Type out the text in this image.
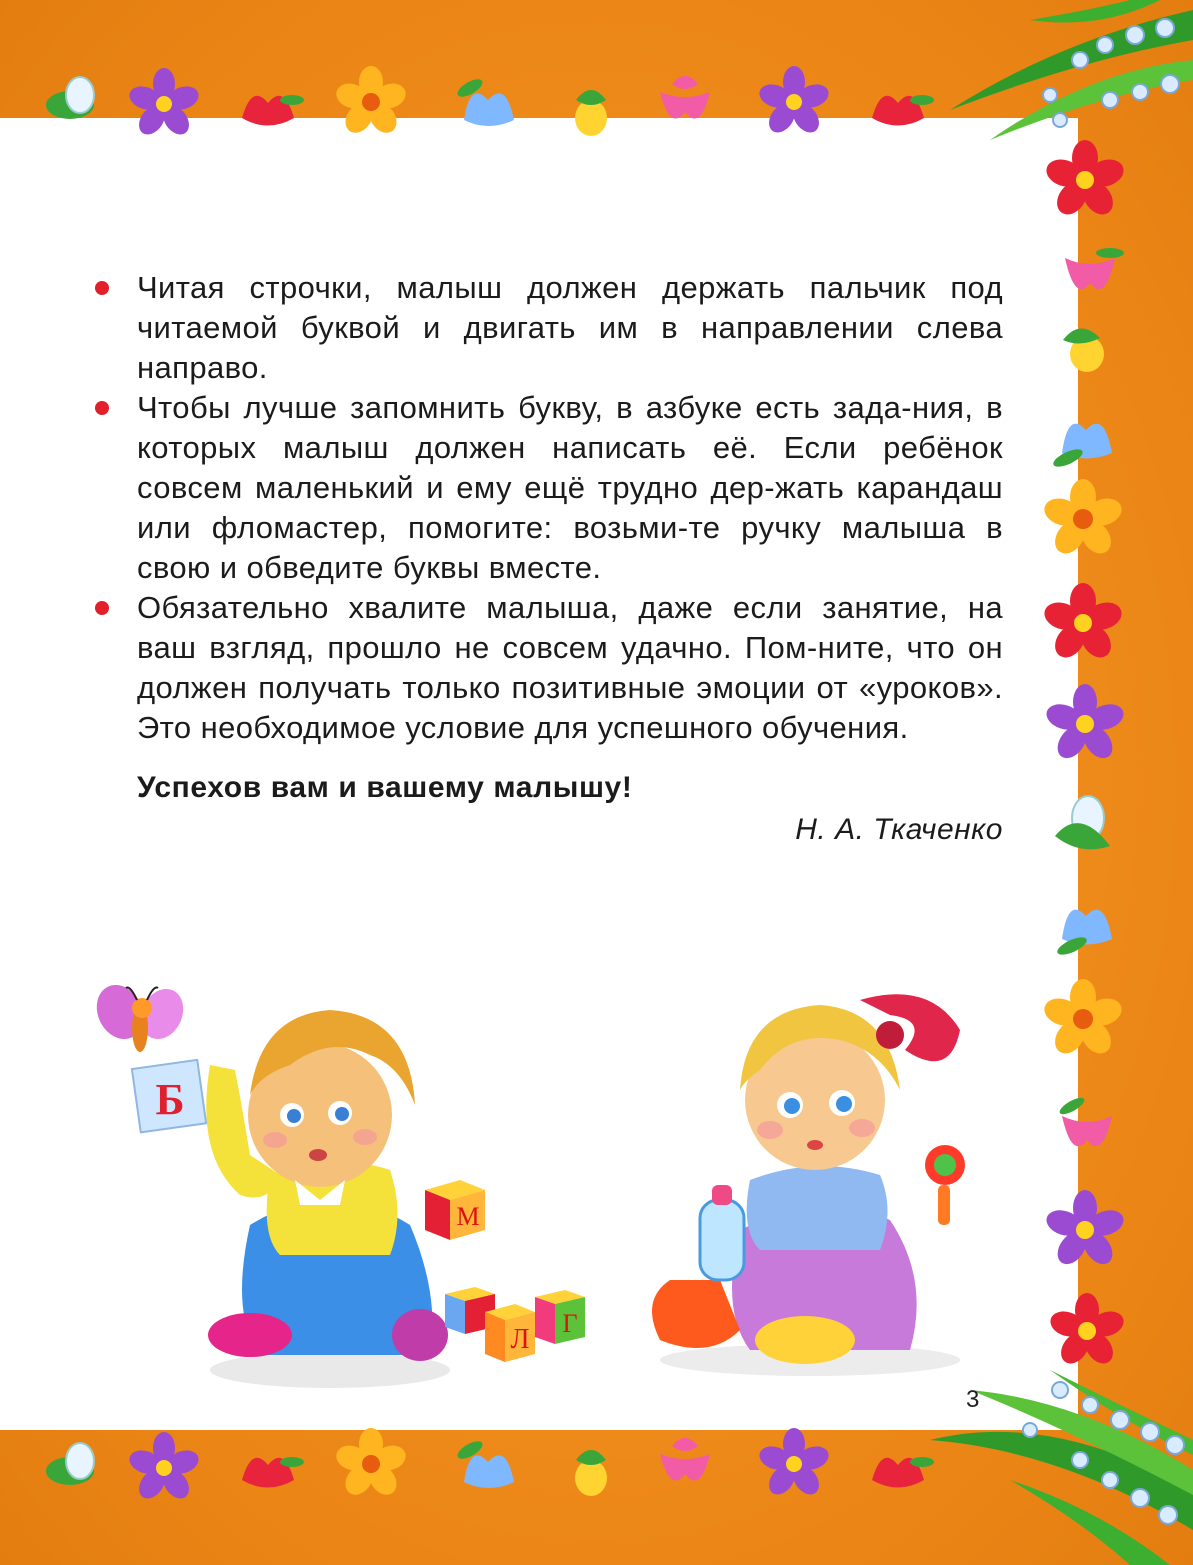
Читая строчки, малыш должен держать пальчик под читаемой буквой и двигать им в направлении слева направо.
Чтобы лучше запомнить букву, в азбуке есть зада-ния, в которых малыш должен написать её. Если ребёнок совсем маленький и ему ещё трудно дер-жать карандаш или фломастер, помогите: возьми-те ручку малыша в свою и обведите буквы вместе.
Обязательно хвалите малыша, даже если занятие, на ваш взгляд, прошло не совсем удачно. Пом-ните, что он должен получать только позитивные эмоции от «уроков». Это необходимое условие для успешного обучения.
Успехов вам и вашему малышу!
Н. А. Ткаченко
Б
М
Л
Г
3
